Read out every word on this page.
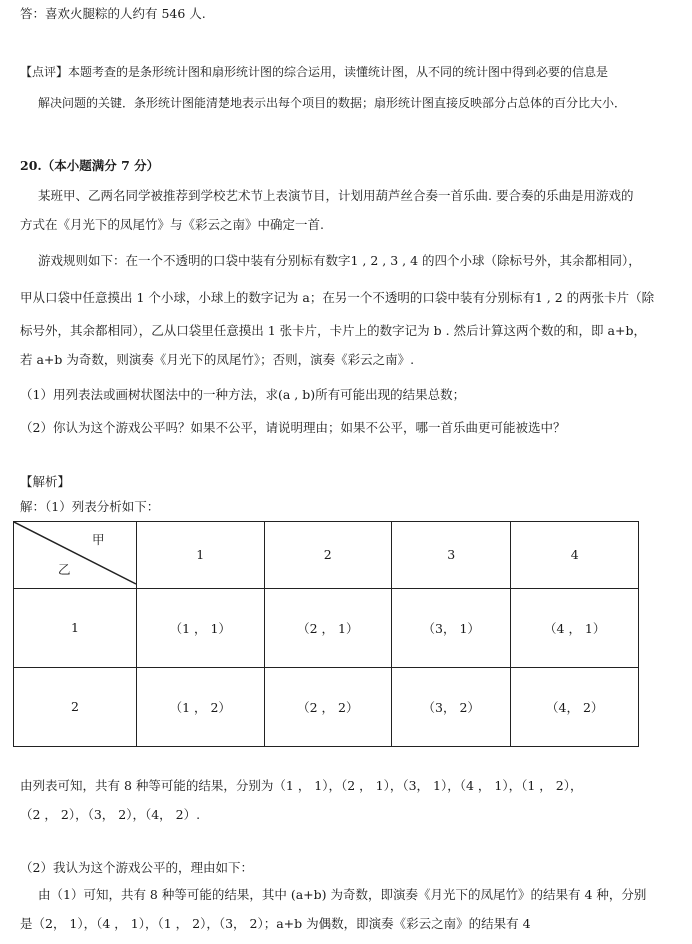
答：喜欢火腿粽的人约有 546 人.
【点评】本题考查的是条形统计图和扇形统计图的综合运用，读懂统计图，从不同的统计图中得到必要的信息是
解决问题的关键．条形统计图能清楚地表示出每个项目的数据；扇形统计图直接反映部分占总体的百分比大小．
20.（本小题满分 7 分）
某班甲、乙两名同学被推荐到学校艺术节上表演节目，计划用葫芦丝合奏一首乐曲. 要合奏的乐曲是用游戏的
方式在《月光下的凤尾竹》与《彩云之南》中确定一首.
游戏规则如下：在一个不透明的口袋中装有分别标有数字1 , 2 , 3 , 4 的四个小球（除标号外，其余都相同），
甲从口袋中任意摸出 1 个小球，小球上的数字记为 a；在另一个不透明的口袋中装有分别标有1 , 2 的两张卡片（除
标号外，其余都相同），乙从口袋里任意摸出 1 张卡片，卡片上的数字记为 b . 然后计算这两个数的和，即 a+b，
若 a+b 为奇数，则演奏《月光下的凤尾竹》；否则，演奏《彩云之南》.
（1）用列表法或画树状图法中的一种方法，求(a , b)所有可能出现的结果总数；
（2）你认为这个游戏公平吗？如果不公平，请说明理由；如果不公平，哪一首乐曲更可能被选中？
【解析】
解：（1）列表分析如下：
甲
乙	1	2	3	4
1	（1 ， 1）	（2 ， 1）	（3， 1）	（4 ， 1）
2	（1 ， 2）	（2 ， 2）	（3， 2）	（4， 2）
由列表可知，共有 8 种等可能的结果，分别为（1 ， 1），（2 ， 1），（3， 1），（4 ， 1），（1 ， 2），
（2 ， 2），（3， 2），（4， 2）.
（2）我认为这个游戏公平的，理由如下：
由（1）可知，共有 8 种等可能的结果，其中 (a+b) 为奇数，即演奏《月光下的凤尾竹》的结果有 4 种，分别
是（2， 1），（4 ， 1），（1 ， 2），（3， 2）；a+b 为偶数，即演奏《彩云之南》的结果有 4
